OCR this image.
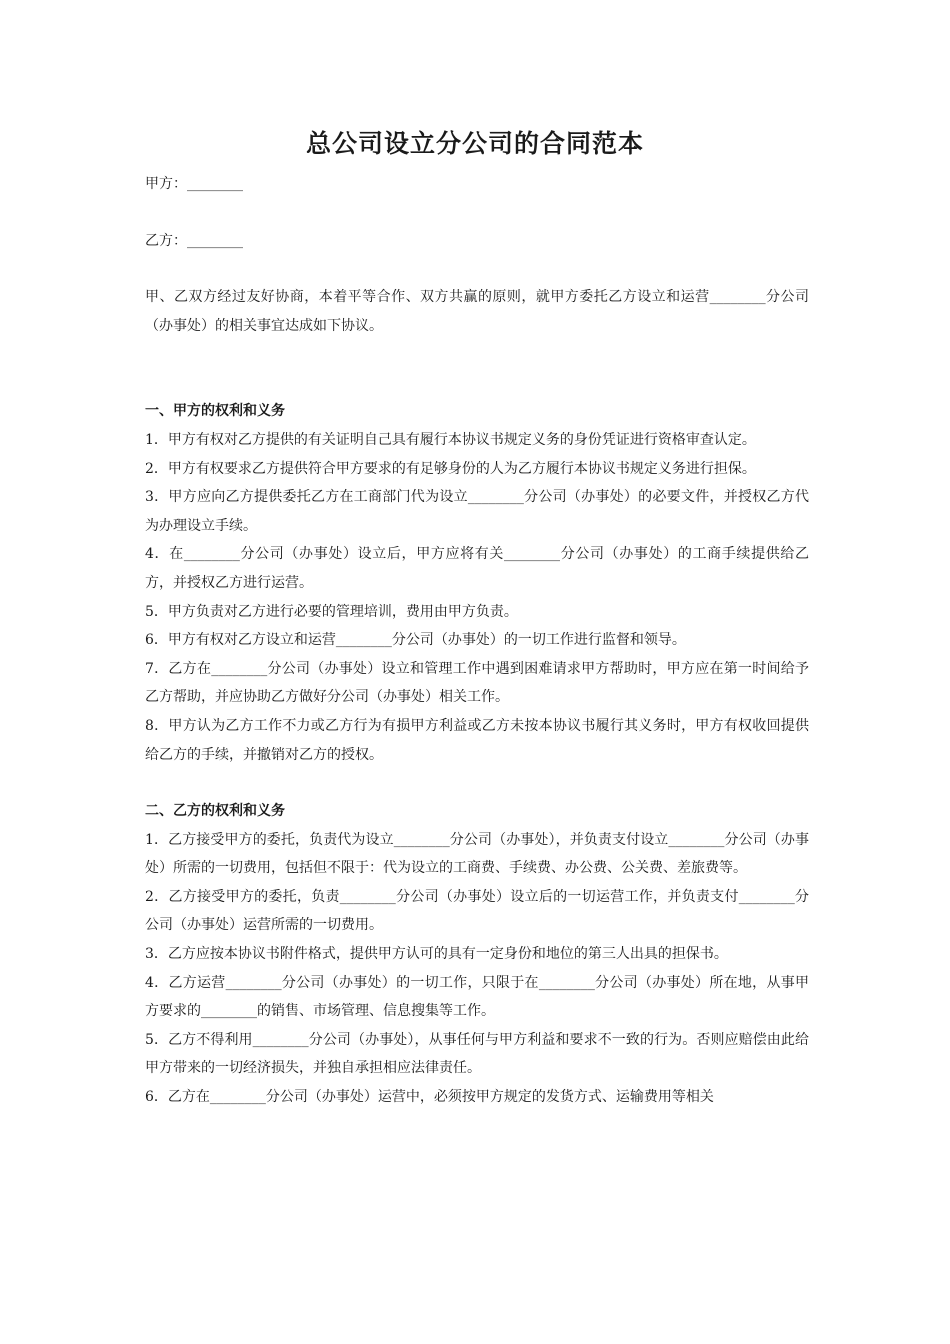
总公司设立分公司的合同范本

甲方：________

乙方：________

甲、乙双方经过友好协商，本着平等合作、双方共赢的原则，就甲方委托乙方设立和运营________分公司（办事处）的相关事宜达成如下协议。

一、甲方的权利和义务

1．甲方有权对乙方提供的有关证明自己具有履行本协议书规定义务的身份凭证进行资格审查认定。

2．甲方有权要求乙方提供符合甲方要求的有足够身份的人为乙方履行本协议书规定义务进行担保。

3．甲方应向乙方提供委托乙方在工商部门代为设立________分公司（办事处）的必要文件，并授权乙方代为办理设立手续。

4．在________分公司（办事处）设立后，甲方应将有关________分公司（办事处）的工商手续提供给乙方，并授权乙方进行运营。

5．甲方负责对乙方进行必要的管理培训，费用由甲方负责。

6．甲方有权对乙方设立和运营________分公司（办事处）的一切工作进行监督和领导。

7．乙方在________分公司（办事处）设立和管理工作中遇到困难请求甲方帮助时，甲方应在第一时间给予乙方帮助，并应协助乙方做好分公司（办事处）相关工作。

8．甲方认为乙方工作不力或乙方行为有损甲方利益或乙方未按本协议书履行其义务时，甲方有权收回提供给乙方的手续，并撤销对乙方的授权。

二、乙方的权利和义务

1．乙方接受甲方的委托，负责代为设立________分公司（办事处），并负责支付设立________分公司（办事处）所需的一切费用，包括但不限于：代为设立的工商费、手续费、办公费、公关费、差旅费等。

2．乙方接受甲方的委托，负责________分公司（办事处）设立后的一切运营工作，并负责支付________分公司（办事处）运营所需的一切费用。

3．乙方应按本协议书附件格式，提供甲方认可的具有一定身份和地位的第三人出具的担保书。

4．乙方运营________分公司（办事处）的一切工作，只限于在________分公司（办事处）所在地，从事甲方要求的________的销售、市场管理、信息搜集等工作。

5．乙方不得利用________分公司（办事处），从事任何与甲方利益和要求不一致的行为。否则应赔偿由此给甲方带来的一切经济损失，并独自承担相应法律责任。

6．乙方在________分公司（办事处）运营中，必须按甲方规定的发货方式、运输费用等相关
